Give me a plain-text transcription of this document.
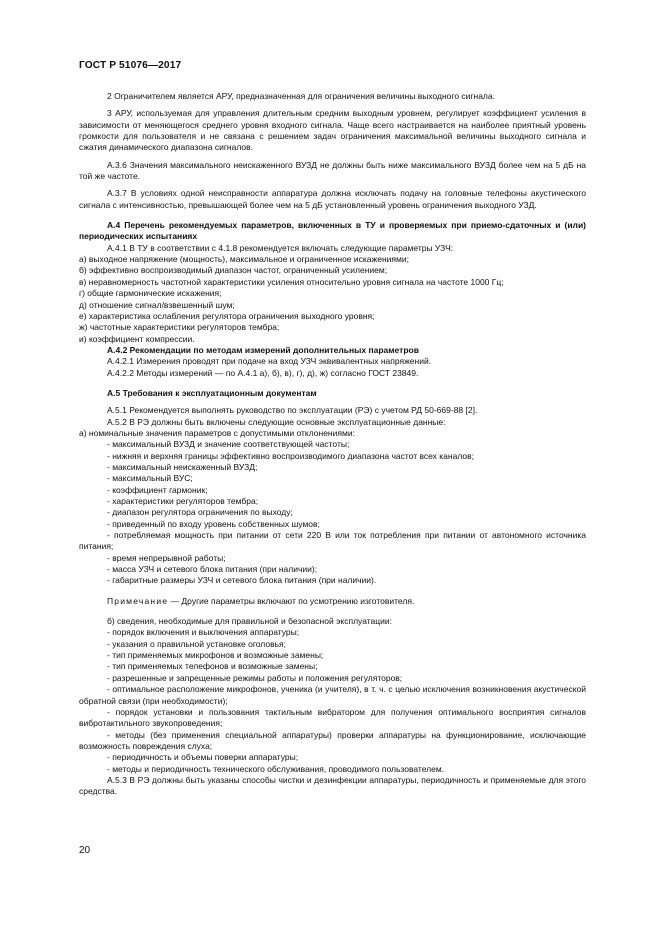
ГОСТ Р 51076—2017

2 Ограничителем является АРУ, предназначенная для ограничения величины выходного сигнала.

3 АРУ, используемая для управления длительным средним выходным уровнем, регулирует коэффициент усиления в зависимости от меняющегося среднего уровня входного сигнала. Чаще всего настраивается на наиболее приятный уровень громкости для пользователя и не связана с решением задач ограничения максимальной величины выходного сигнала и сжатия динамического диапазона сигналов.

А.3.6 Значения максимального неискаженного ВУЗД не должны быть ниже максимального ВУЗД более чем на 5 дБ на той же частоте.

А.3.7 В условиях одной неисправности аппаратура должна исключать подачу на головные телефоны акустического сигнала с интенсивностью, превышающей более чем на 5 дБ установленный уровень ограничения выходного УЗД.

А.4 Перечень рекомендуемых параметров, включенных в ТУ и проверяемых при приемо-сдаточных и (или) периодических испытаниях

А.4.1 В ТУ в соответствии с 4.1.8 рекомендуется включать следующие параметры УЗЧ:

а) выходное напряжение (мощность), максимальное и ограниченное искажениями;

б) эффективно воспроизводимый диапазон частот, ограниченный усилением;

в) неравномерность частотной характеристики усиления относительно уровня сигнала на частоте 1000 Гц;

г) общие гармонические искажения;

д) отношение сигнал/взвешенный шум;

е) характеристика ослабления регулятора ограничения выходного уровня;

ж) частотные характеристики регуляторов тембра;

и) коэффициент компрессии.

А.4.2 Рекомендации по методам измерений дополнительных параметров

А.4.2.1 Измерения проводят при подаче на вход УЗЧ эквивалентных напряжений.

А.4.2.2 Методы измерений — по А.4.1 а), б), в), г), д), ж) согласно ГОСТ 23849.

А.5 Требования к эксплуатационным документам

А.5.1 Рекомендуется выполнять руководство по эксплуатации (РЭ) с учетом РД 50-669-88 [2].

А.5.2 В РЭ должны быть включены следующие основные эксплуатационные данные:

а) номинальные значения параметров с допустимыми отклонениями:

- максимальный ВУЗД и значение соответствующей частоты;

- нижняя и верхняя границы эффективно воспроизводимого диапазона частот всех каналов;

- максимальный неискаженный ВУЗД;

- максимальный ВУС;

- коэффициент гармоник;

- характеристики регуляторов тембра;

- диапазон регулятора ограничения по выходу;

- приведенный по входу уровень собственных шумов;

- потребляемая мощность при питании от сети 220 В или ток потребления при питании от автономного источника питания;

- время непрерывной работы;

- масса УЗЧ и сетевого блока питания (при наличии);

- габаритные размеры УЗЧ и сетевого блока питания (при наличии).

Примечание — Другие параметры включают по усмотрению изготовителя.

б) сведения, необходимые для правильной и безопасной эксплуатации:

- порядок включения и выключения аппаратуры;

- указания о правильной установке оголовья;

- тип применяемых микрофонов и возможные замены;

- тип применяемых телефонов и возможные замены;

- разрешенные и запрещенные режимы работы и положения регуляторов;

- оптимальное расположение микрофонов, ученика (и учителя), в т. ч. с целью исключения возникновения акустической обратной связи (при необходимости);

- порядок установки и пользования тактильным вибратором для получения оптимального восприятия сигналов вибротактильного звукопроведения;

- методы (без применения специальной аппаратуры) проверки аппаратуры на функционирование, исключающие возможность повреждения слуха;

- периодичность и объемы поверки аппаратуры;

- методы и периодичность технического обслуживания, проводимого пользователем.

А.5.3 В РЭ должны быть указаны способы чистки и дезинфекции аппаратуры, периодичность и применяемые для этого средства.

20
